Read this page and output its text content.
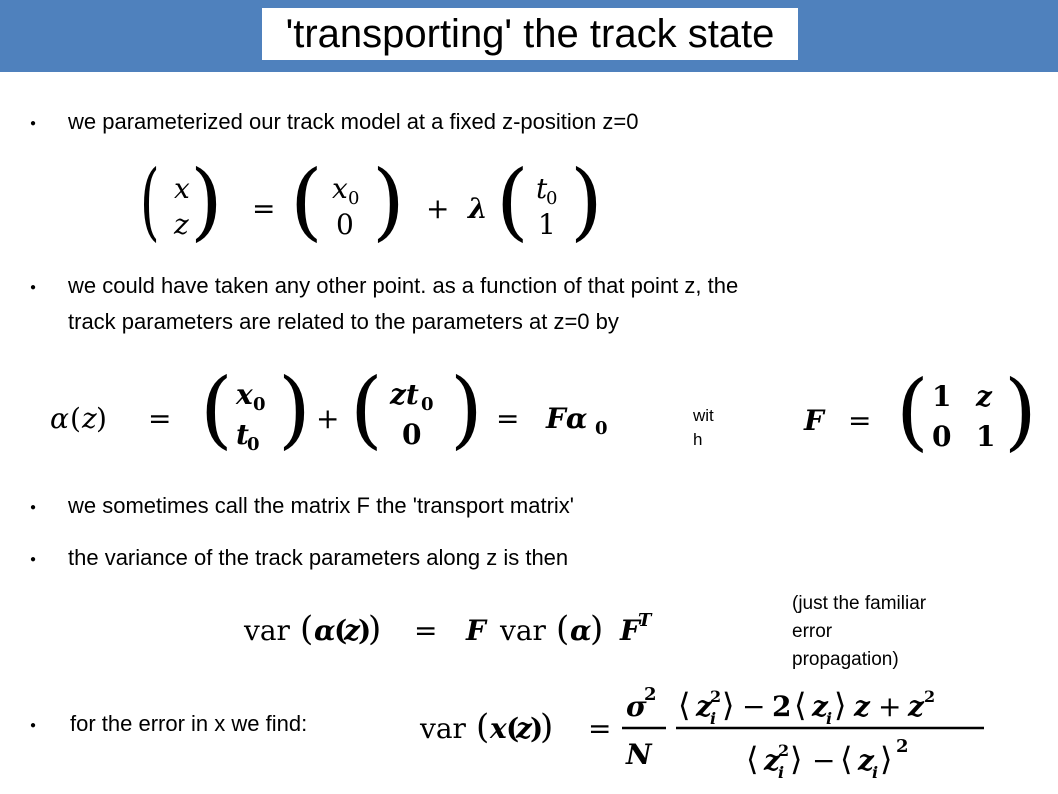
'transporting' the track state
● we parameterized our track model at a fixed z-position z=0
( x
z ) = ( x 0
0 ) + λ ( t
0
1 )
● we could have taken any other point. as a function of that point z, the
track parameters are related to the parameters at z=0 by
α ( z ) = ( x 0
t
0 ) + ( zt 0
0 ) = Fα 0
wit
h
F = ( 1 z
0 1 )
● we sometimes call the matrix F the 'transport matrix'
● the variance of the track parameters along z is then
var ( α
(
z
)
) = F var ( α
) F
T
(just the familiar
error
propagation)
● for the error in x we find:	var ( x (
z
)
) =
σ
2
N
⟨ z
2
i ⟩ − 2 ⟨ z
i ⟩ z + z 2
⟨ z
2
i ⟩ − ⟨ z
i ⟩ 2
